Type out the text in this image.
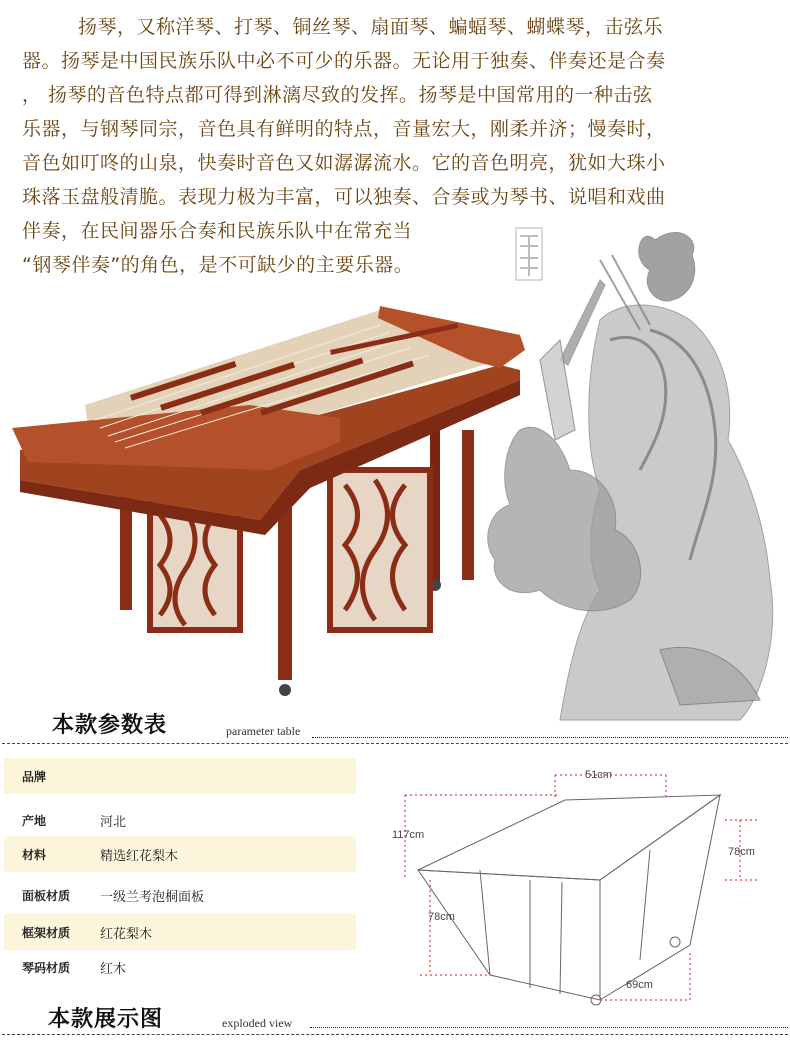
51cm
117cm
78cm
78cm
69cm
扬琴，又称洋琴、打琴、铜丝琴、扇面琴、蝙蝠琴、蝴蝶琴，击弦乐
器。扬琴是中国民族乐队中必不可少的乐器。无论用于独奏、伴奏还是合奏
， 扬琴的音色特点都可得到淋漓尽致的发挥。扬琴是中国常用的一种击弦
乐器，与钢琴同宗，音色具有鲜明的特点，音量宏大，刚柔并济；慢奏时，
音色如叮咚的山泉，快奏时音色又如潺潺流水。它的音色明亮，犹如大珠小
珠落玉盘般清脆。表现力极为丰富，可以独奏、合奏或为琴书、说唱和戏曲
伴奏，在民间器乐合奏和民族乐队中在常充当
“钢琴伴奏”的角色，是不可缺少的主要乐器。
本款参数表	parameter table
品牌
产地	河北
材料	精选红花梨木
面板材质 一级兰考泡桐面板
框架材质 红花梨木
琴码材质 红木
本款展示图	exploded view
